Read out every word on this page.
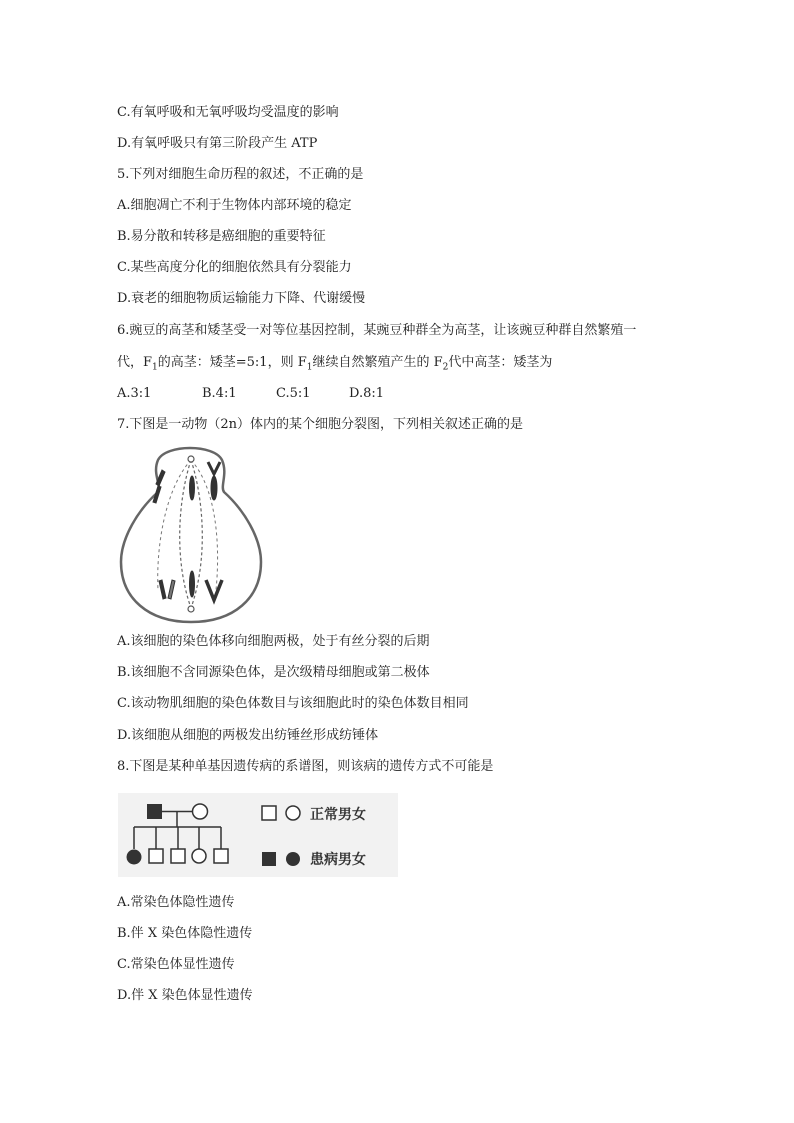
C.有氧呼吸和无氧呼吸均受温度的影响
D.有氧呼吸只有第三阶段产生 ATP
5.下列对细胞生命历程的叙述，不正确的是
A.细胞凋亡不利于生物体内部环境的稳定
B.易分散和转移是癌细胞的重要特征
C.某些高度分化的细胞依然具有分裂能力
D.衰老的细胞物质运输能力下降、代谢缓慢
6.豌豆的高茎和矮茎受一对等位基因控制，某豌豆种群全为高茎，让该豌豆种群自然繁殖一
代，$F_1$的高茎：矮茎=5:1，则 $F_1$继续自然繁殖产生的 $F_2$代中高茎：矮茎为
A.3:1	B.4:1	C.5:1	D.8:1
7.下图是一动物（2n）体内的某个细胞分裂图，下列相关叙述正确的是
A.该细胞的染色体移向细胞两极，处于有丝分裂的后期
B.该细胞不含同源染色体，是次级精母细胞或第二极体
C.该动物肌细胞的染色体数目与该细胞此时的染色体数目相同
D.该细胞从细胞的两极发出纺锤丝形成纺锤体
8.下图是某种单基因遗传病的系谱图，则该病的遗传方式不可能是
正常男女
患病男女
A.常染色体隐性遗传
B.伴 X 染色体隐性遗传
C.常染色体显性遗传
D.伴 X 染色体显性遗传
